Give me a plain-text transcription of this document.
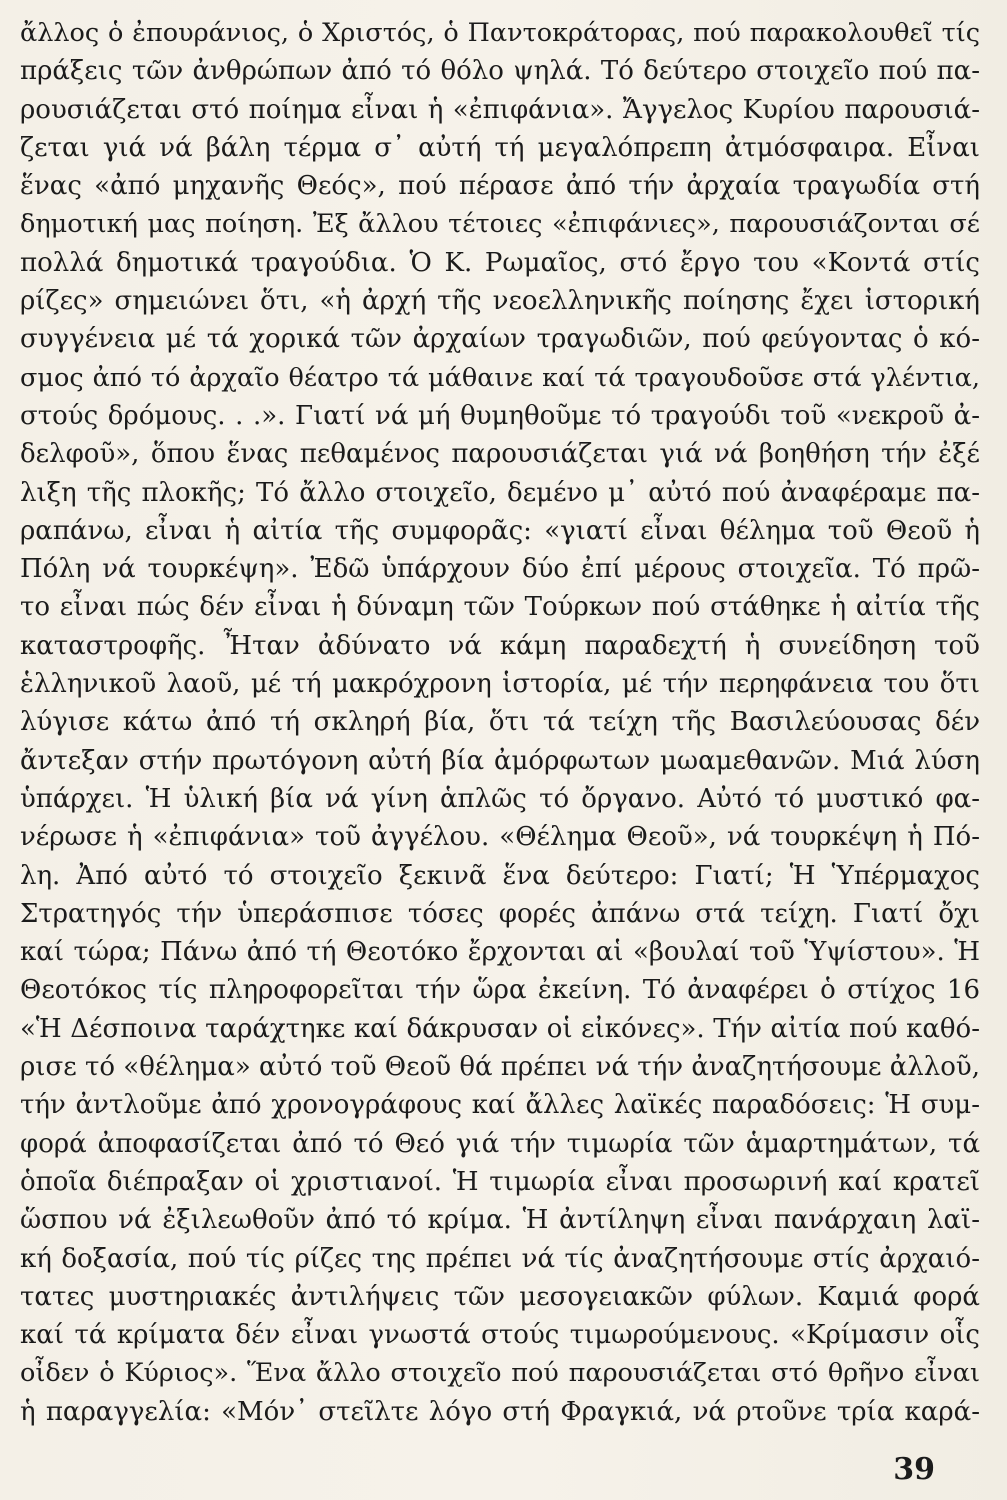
ἄλλος ὁ ἐπουράνιος, ὁ Χριστός, ὁ Παντοκράτορας, πού παρακολουθεῖ τίς
πράξεις τῶν ἀνθρώπων ἀπό τό θόλο ψηλά. Τό δεύτερο στοιχεῖο πού πα-
ρουσιάζεται στό ποίημα εἶναι ἡ «ἐπιφάνια». Ἄγγελος Κυρίου παρουσιά-
ζεται γιά νά βάλη τέρμα σ᾽ αὐτή τή μεγαλόπρεπη ἀτμόσφαιρα. Εἶναι
ἕνας «ἀπό μηχανῆς Θεός», πού πέρασε ἀπό τήν ἀρχαία τραγωδία στή
δημοτική μας ποίηση. Ἐξ ἄλλου τέτοιες «ἐπιφάνιες», παρουσιάζονται σέ
πολλά δημοτικά τραγούδια. Ὁ Κ. Ρωμαῖος, στό ἔργο του «Κοντά στίς
ρίζες» σημειώνει ὅτι, «ἡ ἀρχή τῆς νεοελληνικῆς ποίησης ἔχει ἱστορική
συγγένεια μέ τά χορικά τῶν ἀρχαίων τραγωδιῶν, πού φεύγοντας ὁ κό-
σμος ἀπό τό ἀρχαῖο θέατρο τά μάθαινε καί τά τραγουδοῦσε στά γλέντια,
στούς δρόμους. . .». Γιατί νά μή θυμηθοῦμε τό τραγούδι τοῦ «νεκροῦ ἀ-
δελφοῦ», ὅπου ἕνας πεθαμένος παρουσιάζεται γιά νά βοηθήση τήν ἐξέ
λιξη τῆς πλοκῆς; Τό ἄλλο στοιχεῖο, δεμένο μ᾽ αὐτό πού ἀναφέραμε πα-
ραπάνω, εἶναι ἡ αἰτία τῆς συμφορᾶς: «γιατί εἶναι θέλημα τοῦ Θεοῦ ἡ
Πόλη νά τουρκέψη». Ἐδῶ ὑπάρχουν δύο ἐπί μέρους στοιχεῖα. Τό πρῶ-
το εἶναι πώς δέν εἶναι ἡ δύναμη τῶν Τούρκων πού στάθηκε ἡ αἰτία τῆς
καταστροφῆς. Ἦταν ἀδύνατο νά κάμη παραδεχτή ἡ συνείδηση τοῦ
ἑλληνικοῦ λαοῦ, μέ τή μακρόχρονη ἱστορία, μέ τήν περηφάνεια του ὅτι
λύγισε κάτω ἀπό τή σκληρή βία, ὅτι τά τείχη τῆς Βασιλεύουσας δέν
ἄντεξαν στήν πρωτόγονη αὐτή βία ἀμόρφωτων μωαμεθανῶν. Μιά λύση
ὑπάρχει. Ἡ ὑλική βία νά γίνη ἁπλῶς τό ὄργανο. Αὐτό τό μυστικό φα-
νέρωσε ἡ «ἐπιφάνια» τοῦ ἀγγέλου. «Θέλημα Θεοῦ», νά τουρκέψη ἡ Πό-
λη. Ἀπό αὐτό τό στοιχεῖο ξεκινᾶ ἕνα δεύτερο: Γιατί; Ἡ Ὑπέρμαχος
Στρατηγός τήν ὑπεράσπισε τόσες φορές ἀπάνω στά τείχη. Γιατί ὄχι
καί τώρα; Πάνω ἀπό τή Θεοτόκο ἔρχονται αἱ «βουλαί τοῦ Ὑψίστου». Ἡ
Θεοτόκος τίς πληροφορεῖται τήν ὥρα ἐκείνη. Τό ἀναφέρει ὁ στίχος 16
«Ἡ Δέσποινα ταράχτηκε καί δάκρυσαν οἱ εἰκόνες». Τήν αἰτία πού καθό-
ρισε τό «θέλημα» αὐτό τοῦ Θεοῦ θά πρέπει νά τήν ἀναζητήσουμε ἀλλοῦ,
τήν ἀντλοῦμε ἀπό χρονογράφους καί ἄλλες λαϊκές παραδόσεις: Ἡ συμ-
φορά ἀποφασίζεται ἀπό τό Θεό γιά τήν τιμωρία τῶν ἁμαρτημάτων, τά
ὁποῖα διέπραξαν οἱ χριστιανοί. Ἡ τιμωρία εἶναι προσωρινή καί κρατεῖ
ὥσπου νά ἐξιλεωθοῦν ἀπό τό κρίμα. Ἡ ἀντίληψη εἶναι πανάρχαιη λαϊ-
κή δοξασία, πού τίς ρίζες της πρέπει νά τίς ἀναζητήσουμε στίς ἀρχαιό-
τατες μυστηριακές ἀντιλήψεις τῶν μεσογειακῶν φύλων. Καμιά φορά
καί τά κρίματα δέν εἶναι γνωστά στούς τιμωρούμενους. «Κρίμασιν οἷς
οἶδεν ὁ Κύριος». Ἕνα ἄλλο στοιχεῖο πού παρουσιάζεται στό θρῆνο εἶναι
ἡ παραγγελία: «Μόν᾽ στεῖλτε λόγο στή Φραγκιά, νά ρτοῦνε τρία καρά-
39
